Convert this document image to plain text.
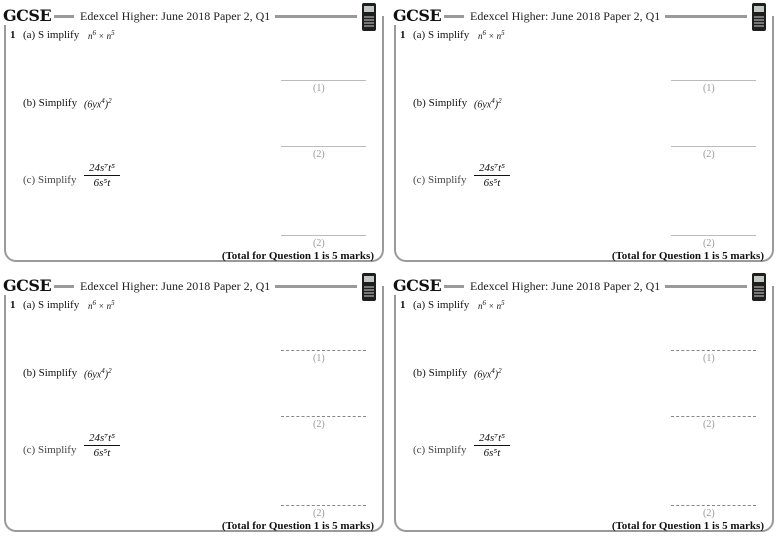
GCSE Edexcel Higher: June 2018 Paper 2, Q1
1 (a) S implify $n^6 \times n^5$
(1)
(b) Simplify $(6yx^4)^2$
(2)
(c) Simplify
24s⁷t⁵
6s⁵t
(2)
(Total for Question 1 is 5 marks)
GCSE Edexcel Higher: June 2018 Paper 2, Q1
1 (a) S implify $n^6 \times n^5$
(1)
(b) Simplify $(6yx^4)^2$
(2)
(c) Simplify
24s⁷t⁵
6s⁵t
(2)
(Total for Question 1 is 5 marks)
GCSE Edexcel Higher: June 2018 Paper 2, Q1
1 (a) S implify $n^6 \times n^5$
(1)
(b) Simplify $(6yx^4)^2$
(2)
(c) Simplify
24s⁷t⁵
6s⁵t
(2)
(Total for Question 1 is 5 marks)
GCSE Edexcel Higher: June 2018 Paper 2, Q1
1 (a) S implify $n^6 \times n^5$
(1)
(b) Simplify $(6yx^4)^2$
(2)
(c) Simplify
24s⁷t⁵
6s⁵t
(2)
(Total for Question 1 is 5 marks)
